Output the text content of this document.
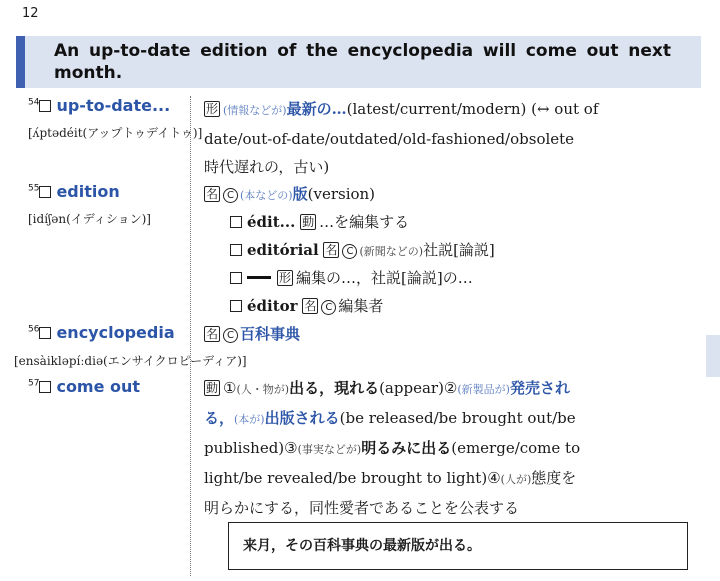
12
An up-to-date edition of the encyclopedia will come out next month.
$^{54}$ up-to-date...
[ʌ́ptədéit(アップトゥデイトゥ)]
形 (情報などが)最新の…(latest/current/modern) (↔ out of
date/out-of-date/outdated/old-fashioned/obsolete
時代遅れの，古い)
$^{55}$ edition
[idíʃən(イディション)]
名 C (本などの)版(version)
édit... 動 …を編集する
editórial 名 C (新聞などの)社説[論説]
形 編集の…，社説[論説]の…
éditor 名 C 編集者
$^{56}$ encyclopedia
[ensàikləpíːdiə(エンサイクロピーディア)]
名 C 百科事典
$^{57}$ come out	動 ①(人・物が)出る，現れる(appear)②(新製品が)発売され
る，(本が)出版される(be released/be brought out/be
published)③(事実などが)明るみに出る(emerge/come to
light/be revealed/be brought to light)④(人が)態度を
明らかにする，同性愛者であることを公表する
来月，その百科事典の最新版が出る。
